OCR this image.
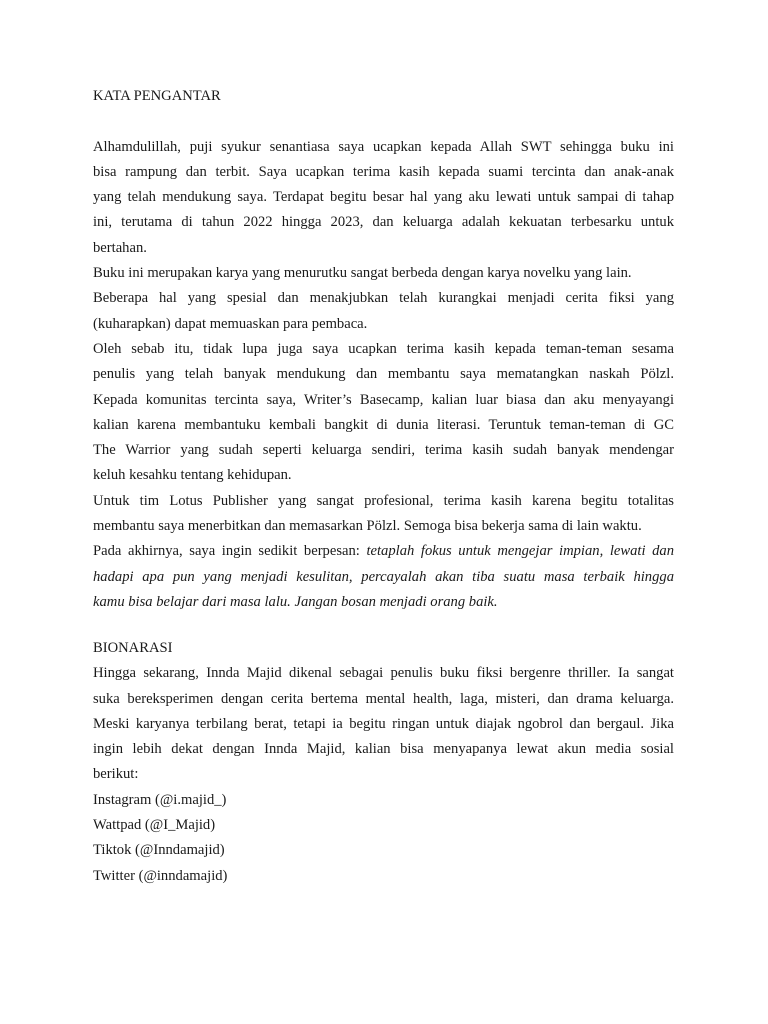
KATA PENGANTAR
Alhamdulillah, puji syukur senantiasa saya ucapkan kepada Allah SWT sehingga buku ini
bisa rampung dan terbit. Saya ucapkan terima kasih kepada suami tercinta dan anak-anak
yang telah mendukung saya. Terdapat begitu besar hal yang aku lewati untuk sampai di tahap
ini, terutama di tahun 2022 hingga 2023, dan keluarga adalah kekuatan terbesarku untuk
bertahan.
Buku ini merupakan karya yang menurutku sangat berbeda dengan karya novelku yang lain.
Beberapa hal yang spesial dan menakjubkan telah kurangkai menjadi cerita fiksi yang
(kuharapkan) dapat memuaskan para pembaca.
Oleh sebab itu, tidak lupa juga saya ucapkan terima kasih kepada teman-teman sesama
penulis yang telah banyak mendukung dan membantu saya mematangkan naskah Pölzl.
Kepada komunitas tercinta saya, Writer’s Basecamp, kalian luar biasa dan aku menyayangi
kalian karena membantuku kembali bangkit di dunia literasi. Teruntuk teman-teman di GC
The Warrior yang sudah seperti keluarga sendiri, terima kasih sudah banyak mendengar
keluh kesahku tentang kehidupan.
Untuk tim Lotus Publisher yang sangat profesional, terima kasih karena begitu totalitas
membantu saya menerbitkan dan memasarkan Pölzl. Semoga bisa bekerja sama di lain waktu.
Pada akhirnya, saya ingin sedikit berpesan: tetaplah fokus untuk mengejar impian, lewati dan
hadapi apa pun yang menjadi kesulitan, percayalah akan tiba suatu masa terbaik hingga
kamu bisa belajar dari masa lalu. Jangan bosan menjadi orang baik.
BIONARASI
Hingga sekarang, Innda Majid dikenal sebagai penulis buku fiksi bergenre thriller. Ia sangat
suka bereksperimen dengan cerita bertema mental health, laga, misteri, dan drama keluarga.
Meski karyanya terbilang berat, tetapi ia begitu ringan untuk diajak ngobrol dan bergaul. Jika
ingin lebih dekat dengan Innda Majid, kalian bisa menyapanya lewat akun media sosial
berikut:
Instagram (@i.majid_)
Wattpad (@I_Majid)
Tiktok (@Inndamajid)
Twitter (@inndamajid)
